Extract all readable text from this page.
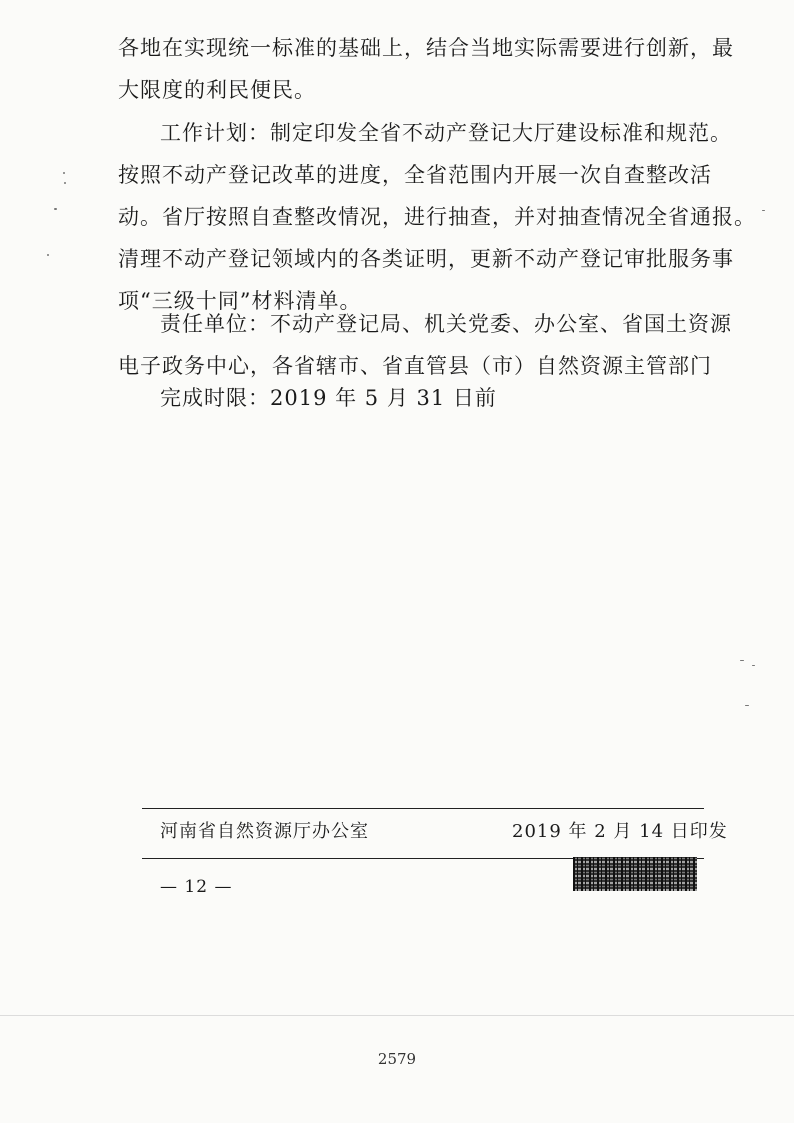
各地在实现统一标准的基础上，结合当地实际需要进行创新，最
大限度的利民便民。
工作计划：制定印发全省不动产登记大厅建设标准和规范。
按照不动产登记改革的进度，全省范围内开展一次自查整改活
动。省厅按照自查整改情况，进行抽查，并对抽查情况全省通报。
清理不动产登记领域内的各类证明，更新不动产登记审批服务事
项“三级十同”材料清单。
责任单位：不动产登记局、机关党委、办公室、省国土资源
电子政务中心，各省辖市、省直管县（市）自然资源主管部门
完成时限：2019 年 5 月 31 日前
河南省自然资源厅办公室	2019 年 2 月 14 日印发
— 12 —
2579
